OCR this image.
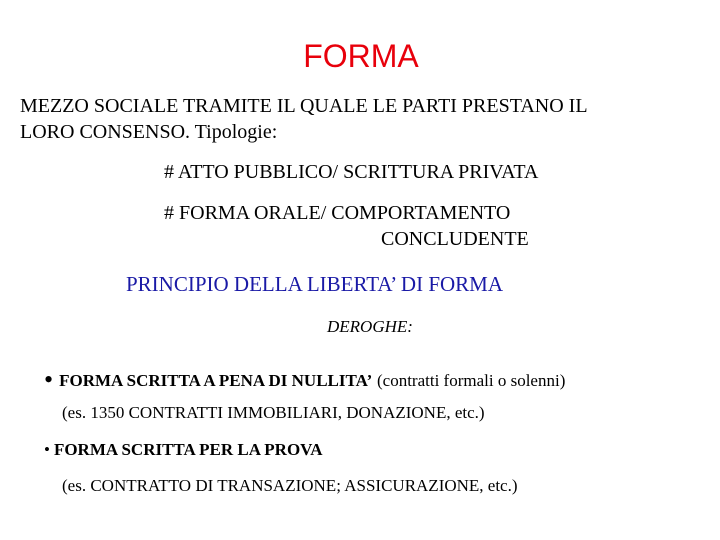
FORMA
MEZZO SOCIALE TRAMITE IL QUALE LE PARTI PRESTANO IL
LORO CONSENSO. Tipologie:
# ATTO PUBBLICO/ SCRITTURA PRIVATA
# FORMA ORALE/ COMPORTAMENTO
CONCLUDENTE
PRINCIPIO DELLA LIBERTA’ DI FORMA
DEROGHE:
• FORMA SCRITTA A PENA DI NULLITA’ (contratti formali o solenni)
(es. 1350 CONTRATTI IMMOBILIARI, DONAZIONE, etc.)
• FORMA SCRITTA PER LA PROVA
(es. CONTRATTO DI TRANSAZIONE; ASSICURAZIONE, etc.)
